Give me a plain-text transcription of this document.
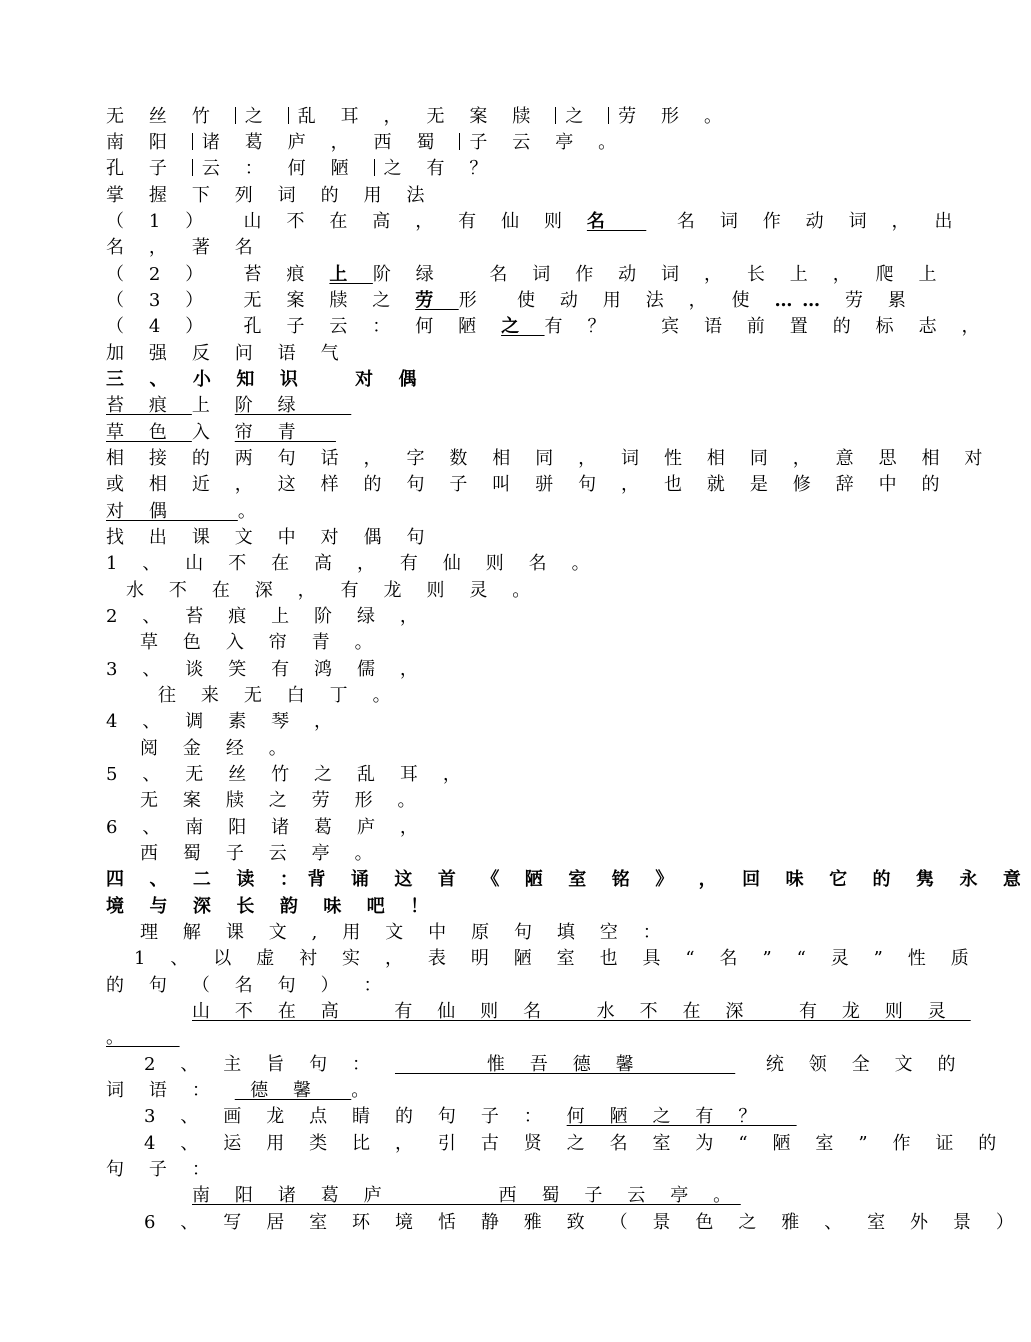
无 丝 竹 之 乱 耳 ， 无 案 牍 之 劳 形 。
南 阳 诸 葛 庐 ， 西 蜀 子 云 亭 。
孔 子 云 ： 何 陋 之 有 ？
掌 握 下 列 词 的 用 法
（ 1 ）  山 不 在 高 ， 有 仙 则 名    名 词 作 动 词 ， 出
名 ， 著 名
（ 2 ）  苔 痕 上 阶 绿   名 词 作 动 词 ， 长 上 ， 爬 上
（ 3 ）  无 案 牍 之 劳 形  使 动 用 法 ， 使 …… 劳 累
（ 4 ）  孔 子 云 ： 何 陋 之 有 ？   宾 语 前 置 的 标 志 ，
加 强 反 问 语 气
三 、 小 知 识   对 偶
苔 痕 上 阶 绿
草 色 入 帘 青
相 接 的 两 句 话 ， 字 数 相 同 ， 词 性 相 同 ， 意 思 相 对
或 相 近 ， 这 样 的 句 子 叫 骈 句 ， 也 就 是 修 辞 中 的
对 偶    。
找 出 课 文 中 对 偶 句
1 、 山 不 在 高 ， 有 仙 则 名 。
水 不 在 深 ， 有 龙 则 灵 。
2 、 苔 痕 上 阶 绿 ，
草 色 入 帘 青 。
3 、 谈 笑 有 鸿 儒 ，
往 来 无 白 丁 。
4 、 调 素 琴 ，
阅 金 经 。
5 、 无 丝 竹 之 乱 耳 ，
无 案 牍 之 劳 形 。
6 、 南 阳 诸 葛 庐 ，
西 蜀 子 云 亭 。
四 、 二 读 ：背 诵 这 首 《 陋 室 铭 》 ， 回 味 它 的 隽 永 意
境 与 深 长 韵 味 吧 ！
理 解 课 文 , 用 文 中 原 句 填 空 ：
1 、 以 虚 衬 实 ， 表 明 陋 室 也 具 “ 名 ” “ 灵 ” 性 质
的 句 （ 名 句 ） ：
山 不 在 高   有 仙 则 名   水 不 在 深   有 龙 则 灵
。
2 、 主 旨 句 ：       惟 吾 德 馨        统 领 全 文 的
词 语 ：  德 馨  。
3 、 画 龙 点 睛 的 句 子 ： 何 陋 之 有 ？
4 、 运 用 类 比 ， 引 古 贤 之 名 室 为 “ 陋 室 ” 作 证 的
句 子 ：
南 阳 诸 葛 庐       西 蜀 子 云 亭 。
6 、 写 居 室 环 境 恬 静 雅 致 （ 景 色 之 雅 、 室 外 景 ）
